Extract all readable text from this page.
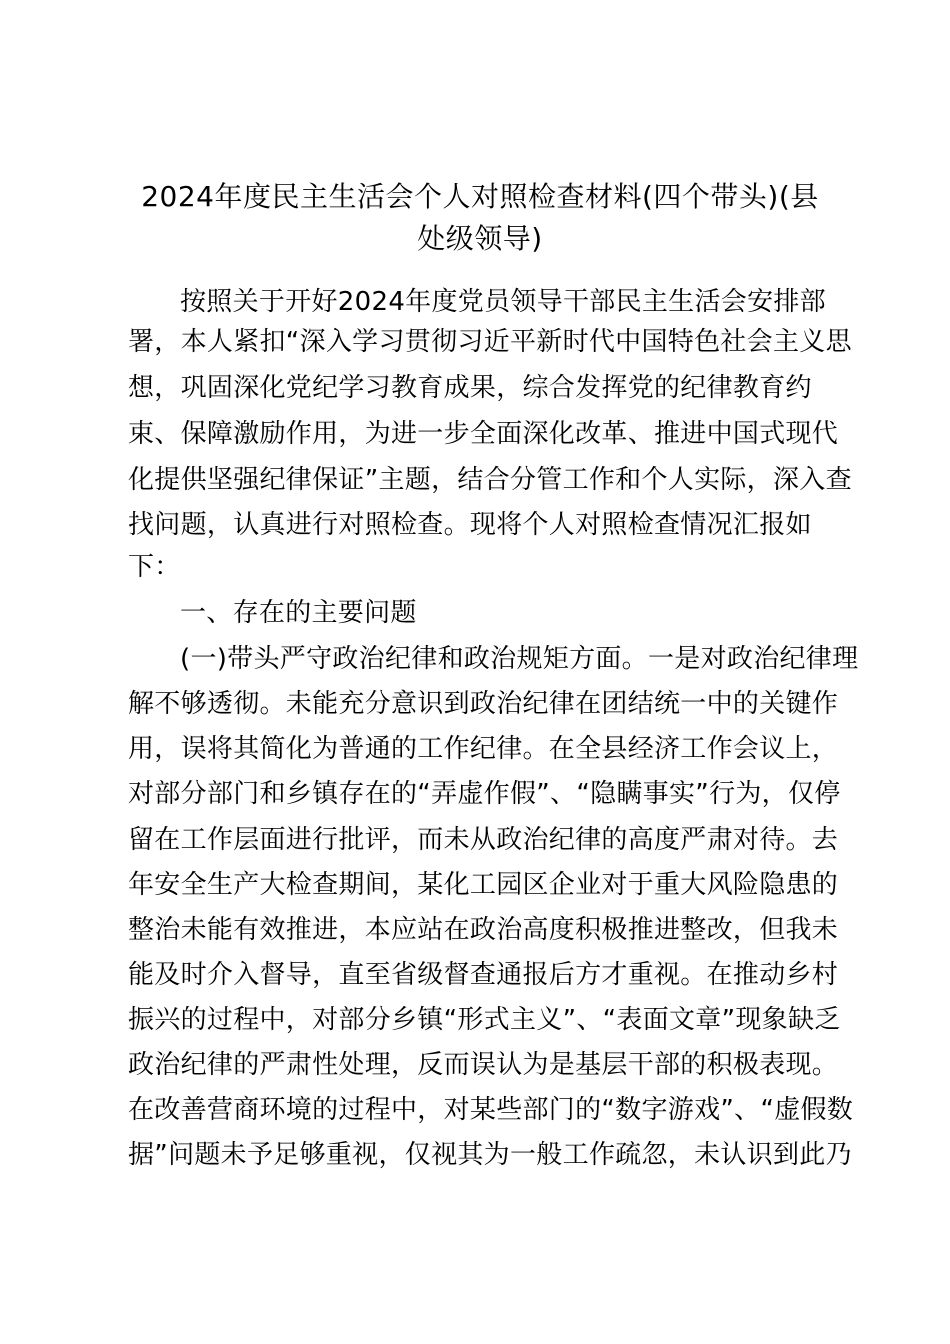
2024年度民主生活会个人对照检查材料(四个带头)(县处级领导)
按照关于开好2024年度党员领导干部民主生活会安排部
署，本人紧扣“深入学习贯彻习近平新时代中国特色社会主义思
想，巩固深化党纪学习教育成果，综合发挥党的纪律教育约
束、保障激励作用，为进一步全面深化改革、推进中国式现代
化提供坚强纪律保证”主题，结合分管工作和个人实际，深入查
找问题，认真进行对照检查。现将个人对照检查情况汇报如
下：
一、存在的主要问题
(一)带头严守政治纪律和政治规矩方面。一是对政治纪律理
解不够透彻。未能充分意识到政治纪律在团结统一中的关键作
用，误将其简化为普通的工作纪律。在全县经济工作会议上，
对部分部门和乡镇存在的“弄虚作假”、“隐瞒事实”行为，仅停
留在工作层面进行批评，而未从政治纪律的高度严肃对待。去
年安全生产大检查期间，某化工园区企业对于重大风险隐患的
整治未能有效推进，本应站在政治高度积极推进整改，但我未
能及时介入督导，直至省级督查通报后方才重视。在推动乡村
振兴的过程中，对部分乡镇“形式主义”、“表面文章”现象缺乏
政治纪律的严肃性处理，反而误认为是基层干部的积极表现。
在改善营商环境的过程中，对某些部门的“数字游戏”、“虚假数
据”问题未予足够重视，仅视其为一般工作疏忽，未认识到此乃
